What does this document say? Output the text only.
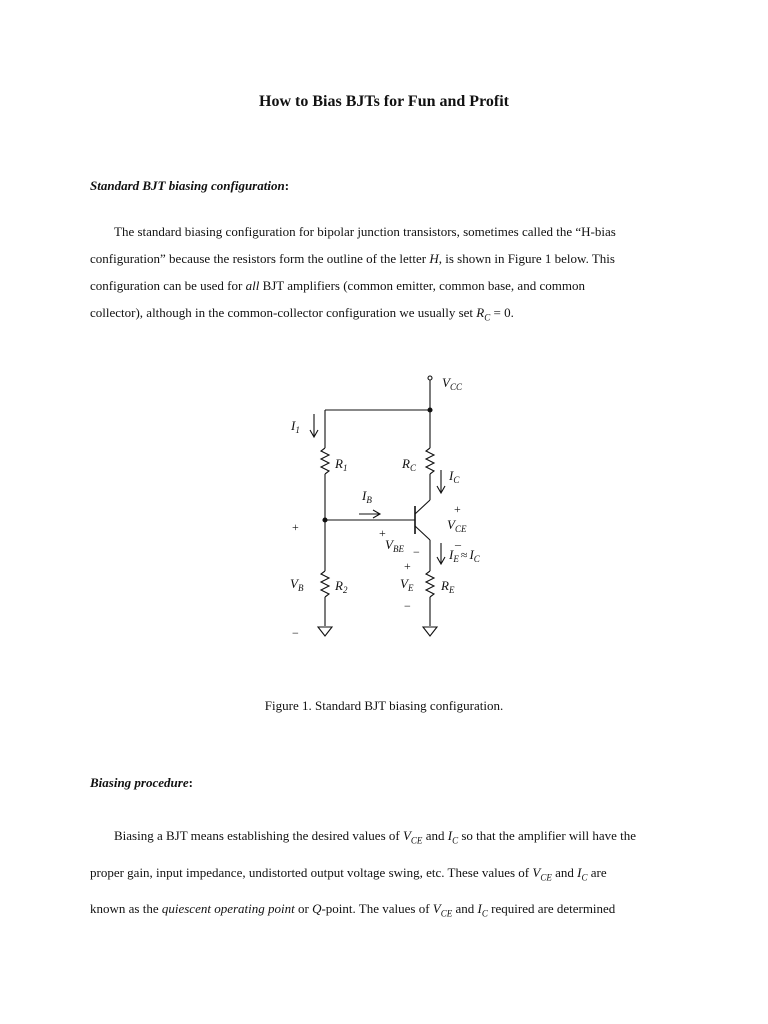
How to Bias BJTs for Fun and Profit
Standard BJT biasing configuration:
The standard biasing configuration for bipolar junction transistors, sometimes called the “H-bias
configuration” because the resistors form the outline of the letter H, is shown in Figure 1 below. This
configuration can be used for all BJT amplifiers (common emitter, common base, and common
collector), although in the common-collector configuration we usually set $R_C = 0$.
$V_{CC}$
$I_1$
$R_1$	$R_C$	$I_C$
$I_B$
+
$V_{CE}$
_
+	+
$V_{BE} - I_E \approx I_C$
+
$V_B$ $R_2$	$V_E$ $R_E$
−
−
Figure 1. Standard BJT biasing configuration.
Biasing procedure:
Biasing a BJT means establishing the desired values of $V_{CE}$ and $I_C$ so that the amplifier will have the
proper gain, input impedance, undistorted output voltage swing, etc. These values of $V_{CE}$ and $I_C$ are
known as the quiescent operating point or Q-point. The values of $V_{CE}$ and $I_C$ required are determined
